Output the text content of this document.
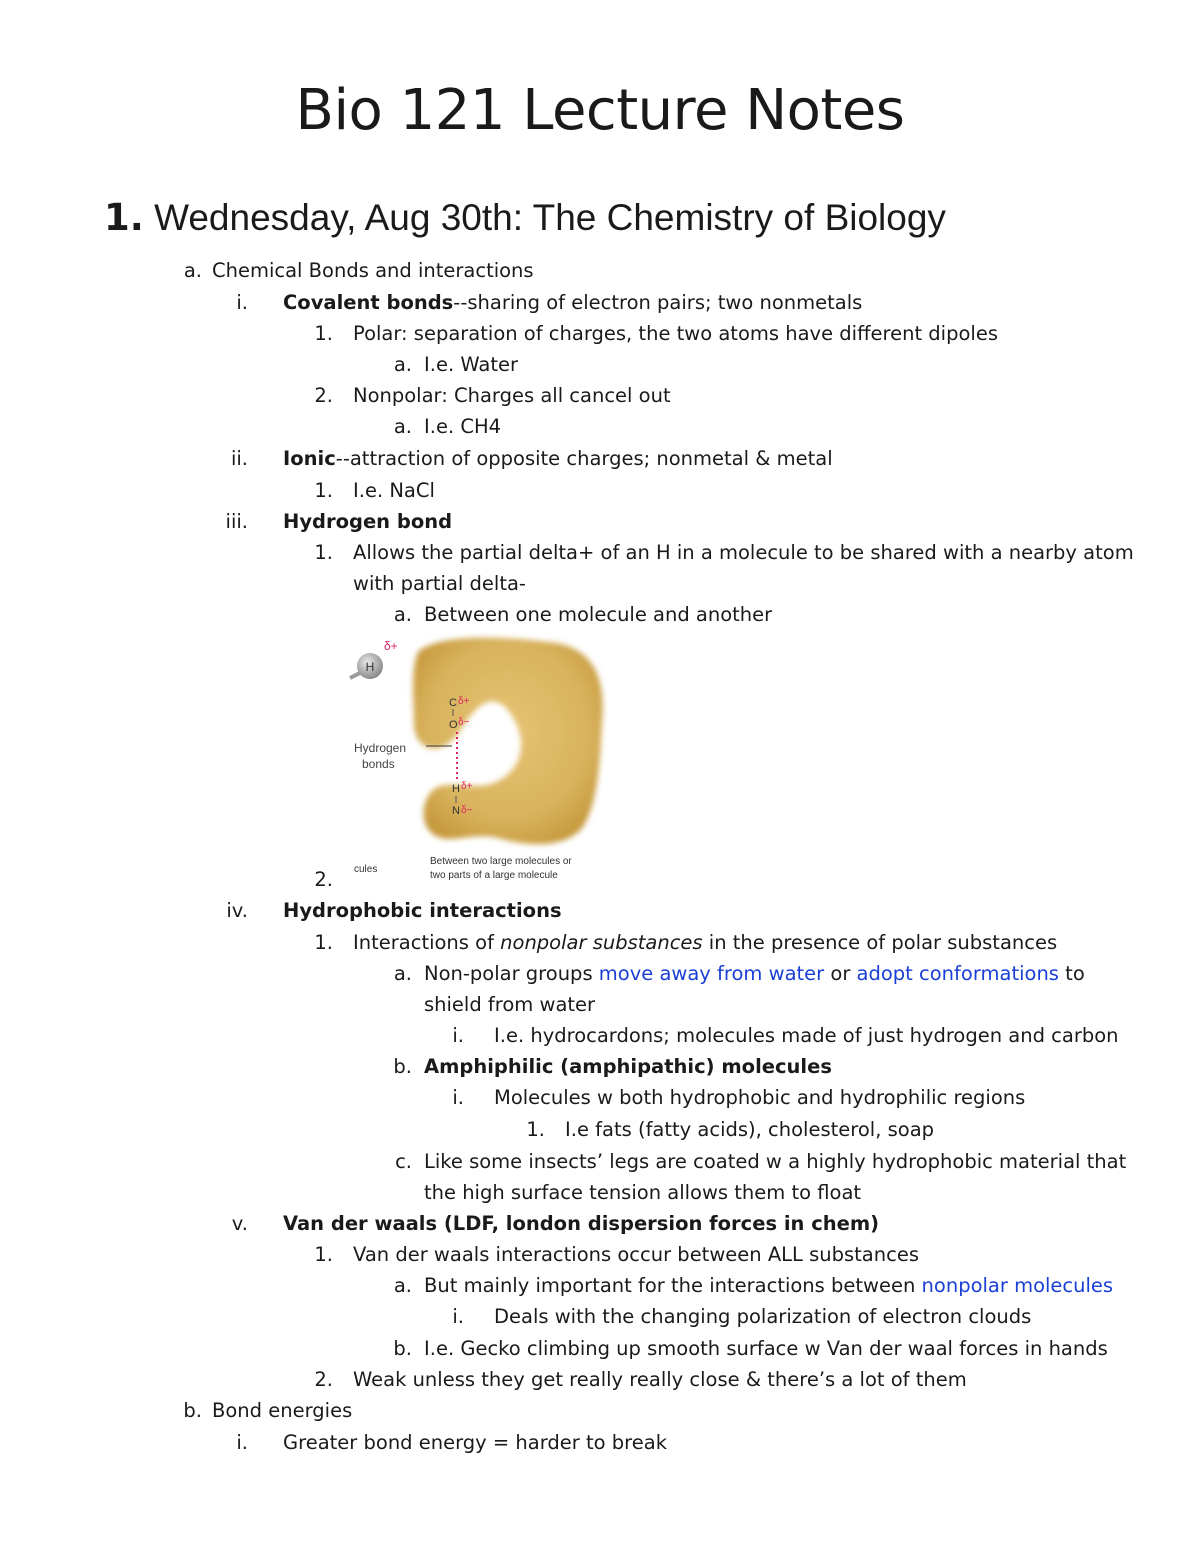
Bio 121 Lecture Notes
1. Wednesday, Aug 30th: The Chemistry of Biology
a. Chemical Bonds and interactions
i. Covalent bonds--sharing of electron pairs; two nonmetals
1. Polar: separation of charges, the two atoms have different dipoles
a. I.e. Water
2. Nonpolar: Charges all cancel out
a. I.e. CH4
ii. Ionic--attraction of opposite charges; nonmetal & metal
1. I.e. NaCl
iii. Hydrogen bond
1. Allows the partial delta+ of an H in a molecule to be shared with a nearby atom
with partial delta-
a. Between one molecule and another
H
δ+
C δ+
O δ−
H δ+
N δ−
Hydrogen
bonds
cules
Between two large molecules or
two parts of a large molecule
2.
iv. Hydrophobic interactions
1. Interactions of nonpolar substances in the presence of polar substances
a. Non-polar groups move away from water or adopt conformations to
shield from water
i. I.e. hydrocardons; molecules made of just hydrogen and carbon
b. Amphiphilic (amphipathic) molecules
i. Molecules w both hydrophobic and hydrophilic regions
1. I.e fats (fatty acids), cholesterol, soap
c. Like some insects’ legs are coated w a highly hydrophobic material that
the high surface tension allows them to float
v. Van der waals (LDF, london dispersion forces in chem)
1. Van der waals interactions occur between ALL substances
a. But mainly important for the interactions between nonpolar molecules
i. Deals with the changing polarization of electron clouds
b. I.e. Gecko climbing up smooth surface w Van der waal forces in hands
2. Weak unless they get really really close & there’s a lot of them
b. Bond energies
i. Greater bond energy = harder to break
